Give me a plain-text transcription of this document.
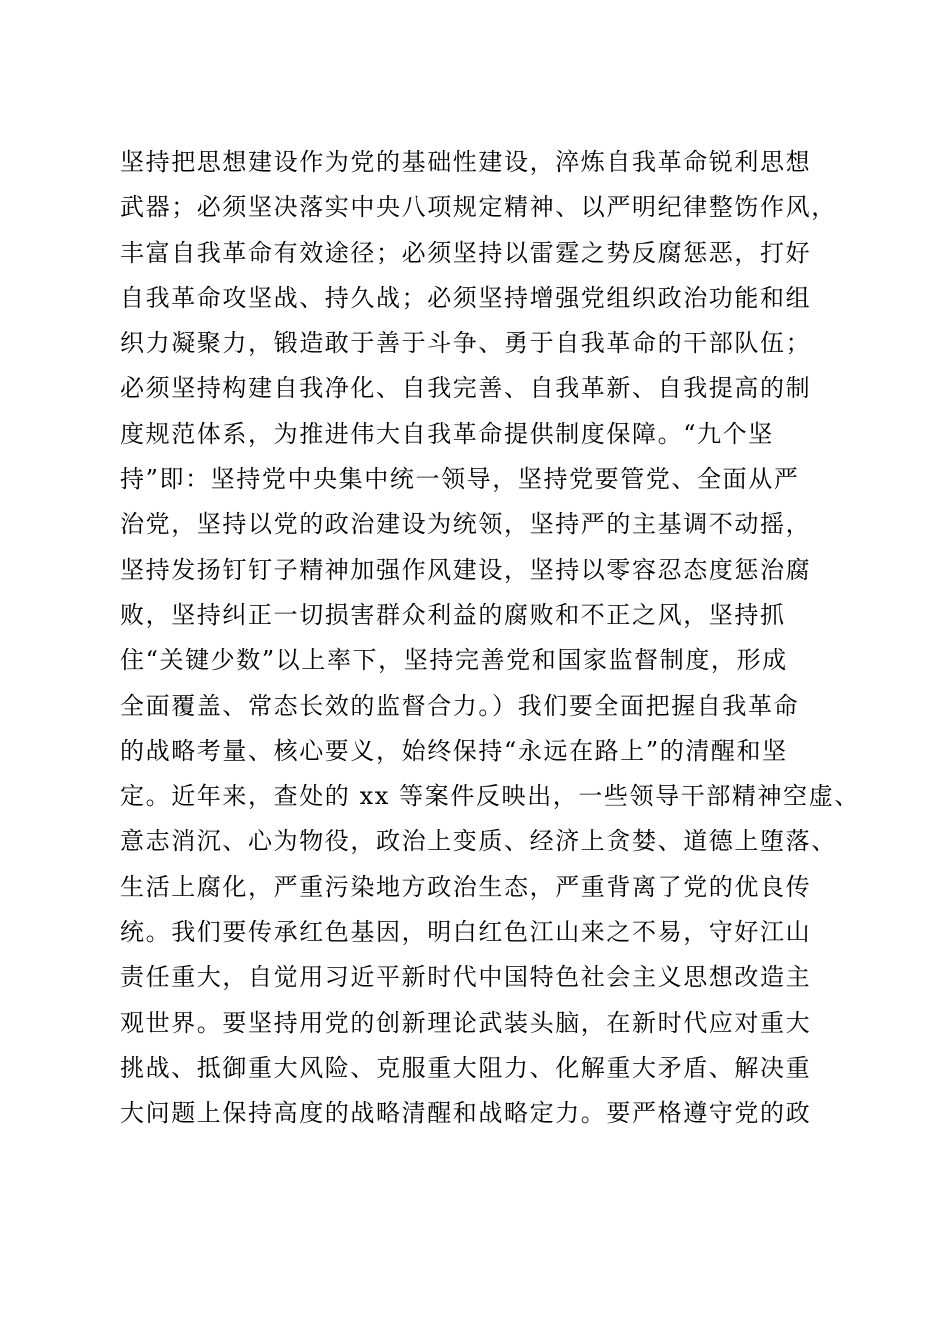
坚持把思想建设作为党的基础性建设，淬炼自我革命锐利思想
武器；必须坚决落实中央八项规定精神、以严明纪律整饬作风，
丰富自我革命有效途径；必须坚持以雷霆之势反腐惩恶，打好
自我革命攻坚战、持久战；必须坚持增强党组织政治功能和组
织力凝聚力，锻造敢于善于斗争、勇于自我革命的干部队伍；
必须坚持构建自我净化、自我完善、自我革新、自我提高的制
度规范体系，为推进伟大自我革命提供制度保障。“九个坚
持”即：坚持党中央集中统一领导，坚持党要管党、全面从严
治党，坚持以党的政治建设为统领，坚持严的主基调不动摇，
坚持发扬钉钉子精神加强作风建设，坚持以零容忍态度惩治腐
败，坚持纠正一切损害群众利益的腐败和不正之风，坚持抓
住“关键少数”以上率下，坚持完善党和国家监督制度，形成
全面覆盖、常态长效的监督合力。）我们要全面把握自我革命
的战略考量、核心要义，始终保持“永远在路上”的清醒和坚
定。近年来，查处的 xx 等案件反映出，一些领导干部精神空虚、
意志消沉、心为物役，政治上变质、经济上贪婪、道德上堕落、
生活上腐化，严重污染地方政治生态，严重背离了党的优良传
统。我们要传承红色基因，明白红色江山来之不易，守好江山
责任重大，自觉用习近平新时代中国特色社会主义思想改造主
观世界。要坚持用党的创新理论武装头脑，在新时代应对重大
挑战、抵御重大风险、克服重大阻力、化解重大矛盾、解决重
大问题上保持高度的战略清醒和战略定力。要严格遵守党的政
